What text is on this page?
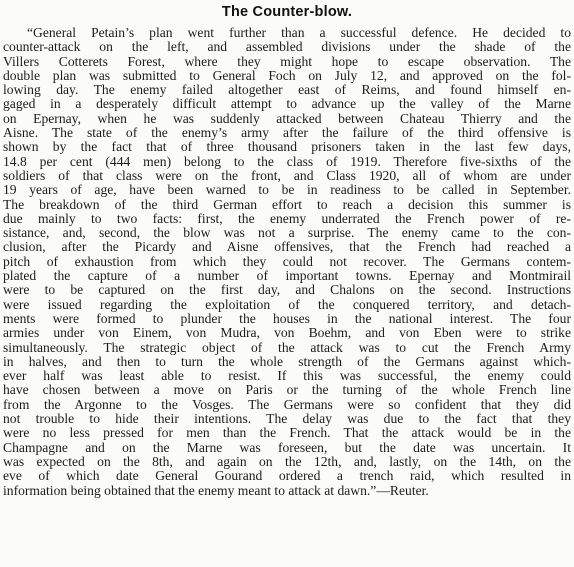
The Counter-blow.
“General Petain’s plan went further than a successful defence. He decided to
counter-attack on the left, and assembled divisions under the shade of the
Villers Cotterets Forest, where they might hope to escape observation. The
double plan was submitted to General Foch on July 12, and approved on the fol-
lowing day. The enemy failed altogether east of Reims, and found himself en-
gaged in a desperately difficult attempt to advance up the valley of the Marne
on Epernay, when he was suddenly attacked between Chateau Thierry and the
Aisne. The state of the enemy’s army after the failure of the third offensive is
shown by the fact that of three thousand prisoners taken in the last few days,
14.8 per cent (444 men) belong to the class of 1919. Therefore five-sixths of the
soldiers of that class were on the front, and Class 1920, all of whom are under
19 years of age, have been warned to be in readiness to be called in September.
The breakdown of the third German effort to reach a decision this summer is
due mainly to two facts: first, the enemy underrated the French power of re-
sistance, and, second, the blow was not a surprise. The enemy came to the con-
clusion, after the Picardy and Aisne offensives, that the French had reached a
pitch of exhaustion from which they could not recover. The Germans contem-
plated the capture of a number of important towns. Epernay and Montmirail
were to be captured on the first day, and Chalons on the second. Instructions
were issued regarding the exploitation of the conquered territory, and detach-
ments were formed to plunder the houses in the national interest. The four
armies under von Einem, von Mudra, von Boehm, and von Eben were to strike
simultaneously. The strategic object of the attack was to cut the French Army
in halves, and then to turn the whole strength of the Germans against which-
ever half was least able to resist. If this was successful, the enemy could
have chosen between a move on Paris or the turning of the whole French line
from the Argonne to the Vosges. The Germans were so confident that they did
not trouble to hide their intentions. The delay was due to the fact that they
were no less pressed for men than the French. That the attack would be in the
Champagne and on the Marne was foreseen, but the date was uncertain. It
was expected on the 8th, and again on the 12th, and, lastly, on the 14th, on the
eve of which date General Gourand ordered a trench raid, which resulted in
information being obtained that the enemy meant to attack at dawn.”—Reuter.
